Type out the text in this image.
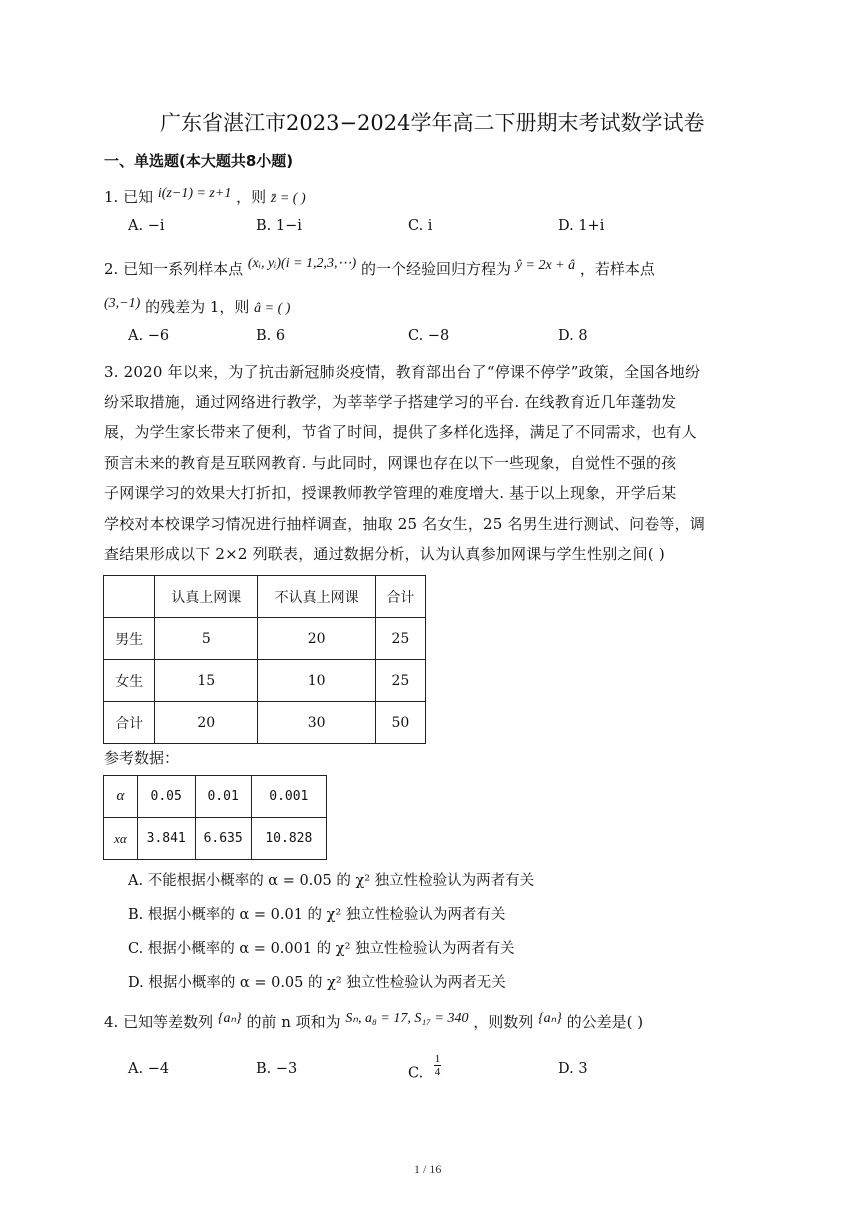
广东省湛江市2023−2024学年高二下册期末考试数学试卷
一、单选题(本大题共8小题)
1. 已知 i(z−1) = z+1 ，则 z̄ = ( )
A. −i	B. 1−i	C. i	D. 1+i
2. 已知一系列样本点 (xᵢ, yᵢ)(i = 1,2,3,⋯) 的一个经验回归方程为 ŷ = 2x + â ，若样本点
(3,−1) 的残差为 1，则 â = ( )
A. −6	B. 6	C. −8	D. 8
3. 2020 年以来，为了抗击新冠肺炎疫情，教育部出台了“停课不停学”政策，全国各地纷
纷采取措施，通过网络进行教学，为莘莘学子搭建学习的平台. 在线教育近几年蓬勃发
展，为学生家长带来了便利，节省了时间，提供了多样化选择，满足了不同需求，也有人
预言未来的教育是互联网教育. 与此同时，网课也存在以下一些现象，自觉性不强的孩
子网课学习的效果大打折扣，授课教师教学管理的难度增大. 基于以上现象，开学后某
学校对本校课学习情况进行抽样调查，抽取 25 名女生，25 名男生进行测试、问卷等，调
查结果形成以下 2×2 列联表，通过数据分析，认为认真参加网课与学生性别之间( )
	认真上网课	不认真上网课	合计
男生	5	20	25
女生	15	10	25
合计	20	30	50
参考数据：
α	0.05	0.01	0.001
xα	3.841	6.635	10.828
A. 不能根据小概率的 α = 0.05 的 χ² 独立性检验认为两者有关
B. 根据小概率的 α = 0.01 的 χ² 独立性检验认为两者有关
C. 根据小概率的 α = 0.001 的 χ² 独立性检验认为两者有关
D. 根据小概率的 α = 0.05 的 χ² 独立性检验认为两者无关
4. 已知等差数列 {aₙ} 的前 n 项和为 Sₙ, a₈ = 17, S₁₇ = 340 ，则数列 {aₙ} 的公差是( )
A. −4	B. −3	C. $\frac{1}{4}$	D. 3
1 / 16
